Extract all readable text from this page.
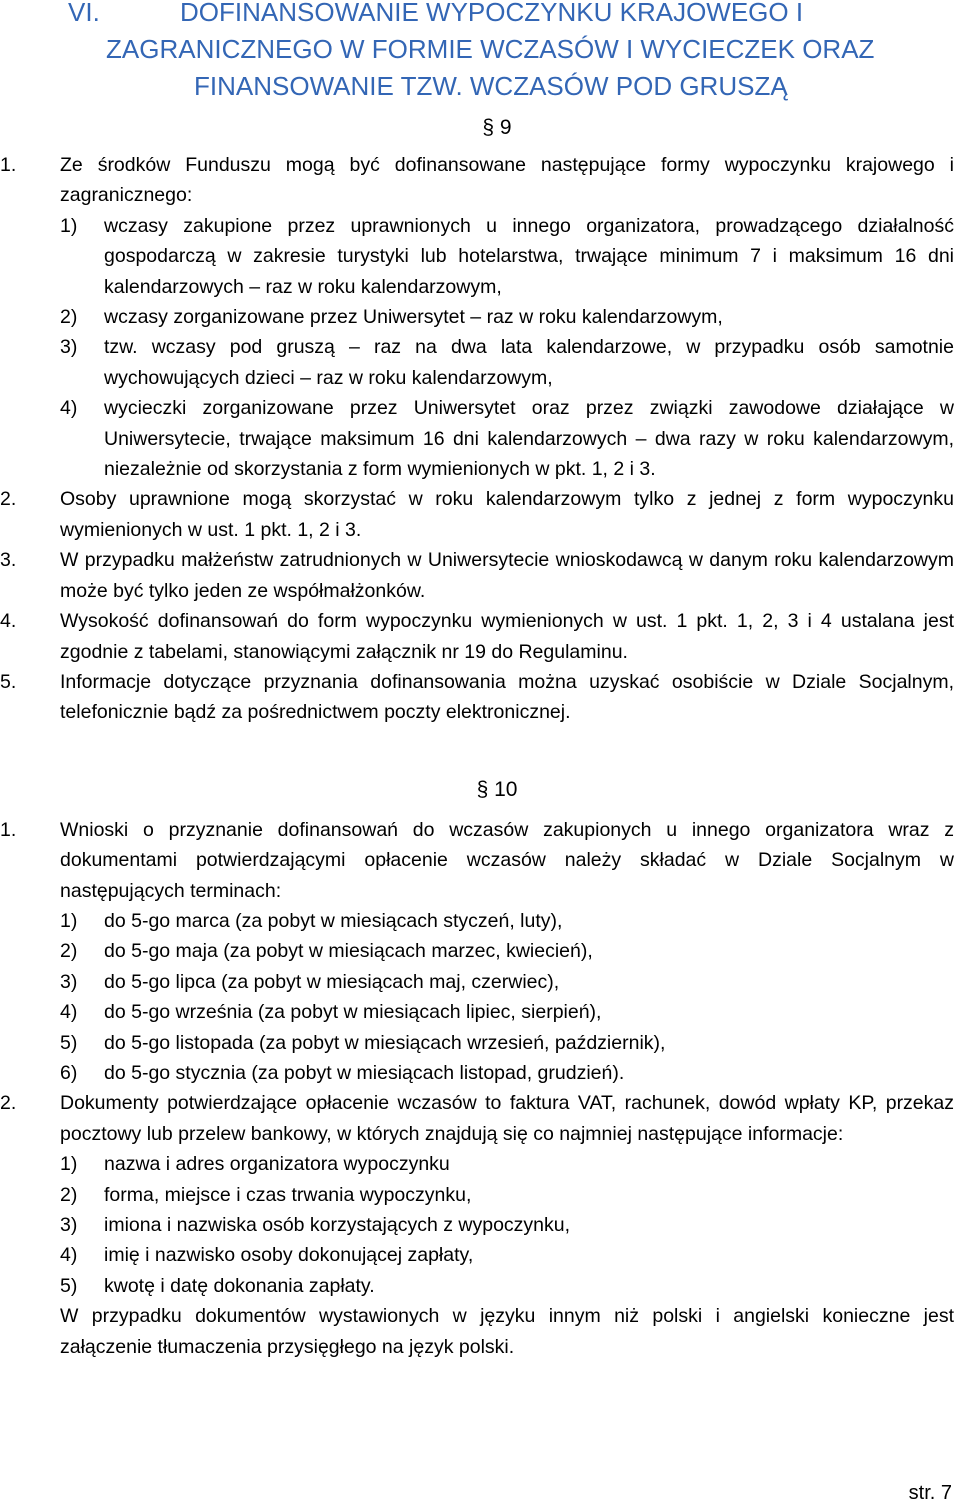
VI.	DOFINANSOWANIE WYPOCZYNKU KRAJOWEGO I
ZAGRANICZNEGO W FORMIE WCZASÓW I WYCIECZEK ORAZ
FINANSOWANIE TZW. WCZASÓW POD GRUSZĄ
§ 9
1. Ze środków Funduszu mogą być dofinansowane następujące formy wypoczynku krajowego i zagranicznego:
1) wczasy zakupione przez uprawnionych u innego organizatora, prowadzącego działalność gospodarczą w zakresie turystyki lub hotelarstwa, trwające minimum 7 i maksimum 16 dni kalendarzowych – raz w roku kalendarzowym,
2) wczasy zorganizowane przez Uniwersytet – raz w roku kalendarzowym,
3) tzw. wczasy pod gruszą – raz na dwa lata kalendarzowe, w przypadku osób samotnie wychowujących dzieci – raz w roku kalendarzowym,
4) wycieczki zorganizowane przez Uniwersytet oraz przez związki zawodowe działające w Uniwersytecie, trwające maksimum 16 dni kalendarzowych – dwa razy w roku kalendarzowym, niezależnie od skorzystania z form wymienionych w pkt. 1, 2 i 3.
2. Osoby uprawnione mogą skorzystać w roku kalendarzowym tylko z jednej z form wypoczynku wymienionych w ust. 1 pkt. 1, 2 i 3.
3. W przypadku małżeństw zatrudnionych w Uniwersytecie wnioskodawcą w danym roku kalendarzowym może być tylko jeden ze współmałżonków.
4. Wysokość dofinansowań do form wypoczynku wymienionych w ust. 1 pkt. 1, 2, 3 i 4 ustalana jest zgodnie z tabelami, stanowiącymi załącznik nr 19 do Regulaminu.
5. Informacje dotyczące przyznania dofinansowania można uzyskać osobiście w Dziale Socjalnym, telefonicznie bądź za pośrednictwem poczty elektronicznej.
§ 10
1. Wnioski o przyznanie dofinansowań do wczasów zakupionych u innego organizatora wraz z dokumentami potwierdzającymi opłacenie wczasów należy składać w Dziale Socjalnym w następujących terminach:
1) do 5-go marca (za pobyt w miesiącach styczeń, luty),
2) do 5-go maja (za pobyt w miesiącach marzec, kwiecień),
3) do 5-go lipca (za pobyt w miesiącach maj, czerwiec),
4) do 5-go września (za pobyt w miesiącach lipiec, sierpień),
5) do 5-go listopada (za pobyt w miesiącach wrzesień, październik),
6) do 5-go stycznia (za pobyt w miesiącach listopad, grudzień).
2. Dokumenty potwierdzające opłacenie wczasów to faktura VAT, rachunek, dowód wpłaty KP, przekaz pocztowy lub przelew bankowy, w których znajdują się co najmniej następujące informacje:
1) nazwa i adres organizatora wypoczynku
2) forma, miejsce i czas trwania wypoczynku,
3) imiona i nazwiska osób korzystających z wypoczynku,
4) imię i nazwisko osoby dokonującej zapłaty,
5) kwotę i datę dokonania zapłaty.
W przypadku dokumentów wystawionych w języku innym niż polski i angielski konieczne jest załączenie tłumaczenia przysięgłego na język polski.
str. 7
